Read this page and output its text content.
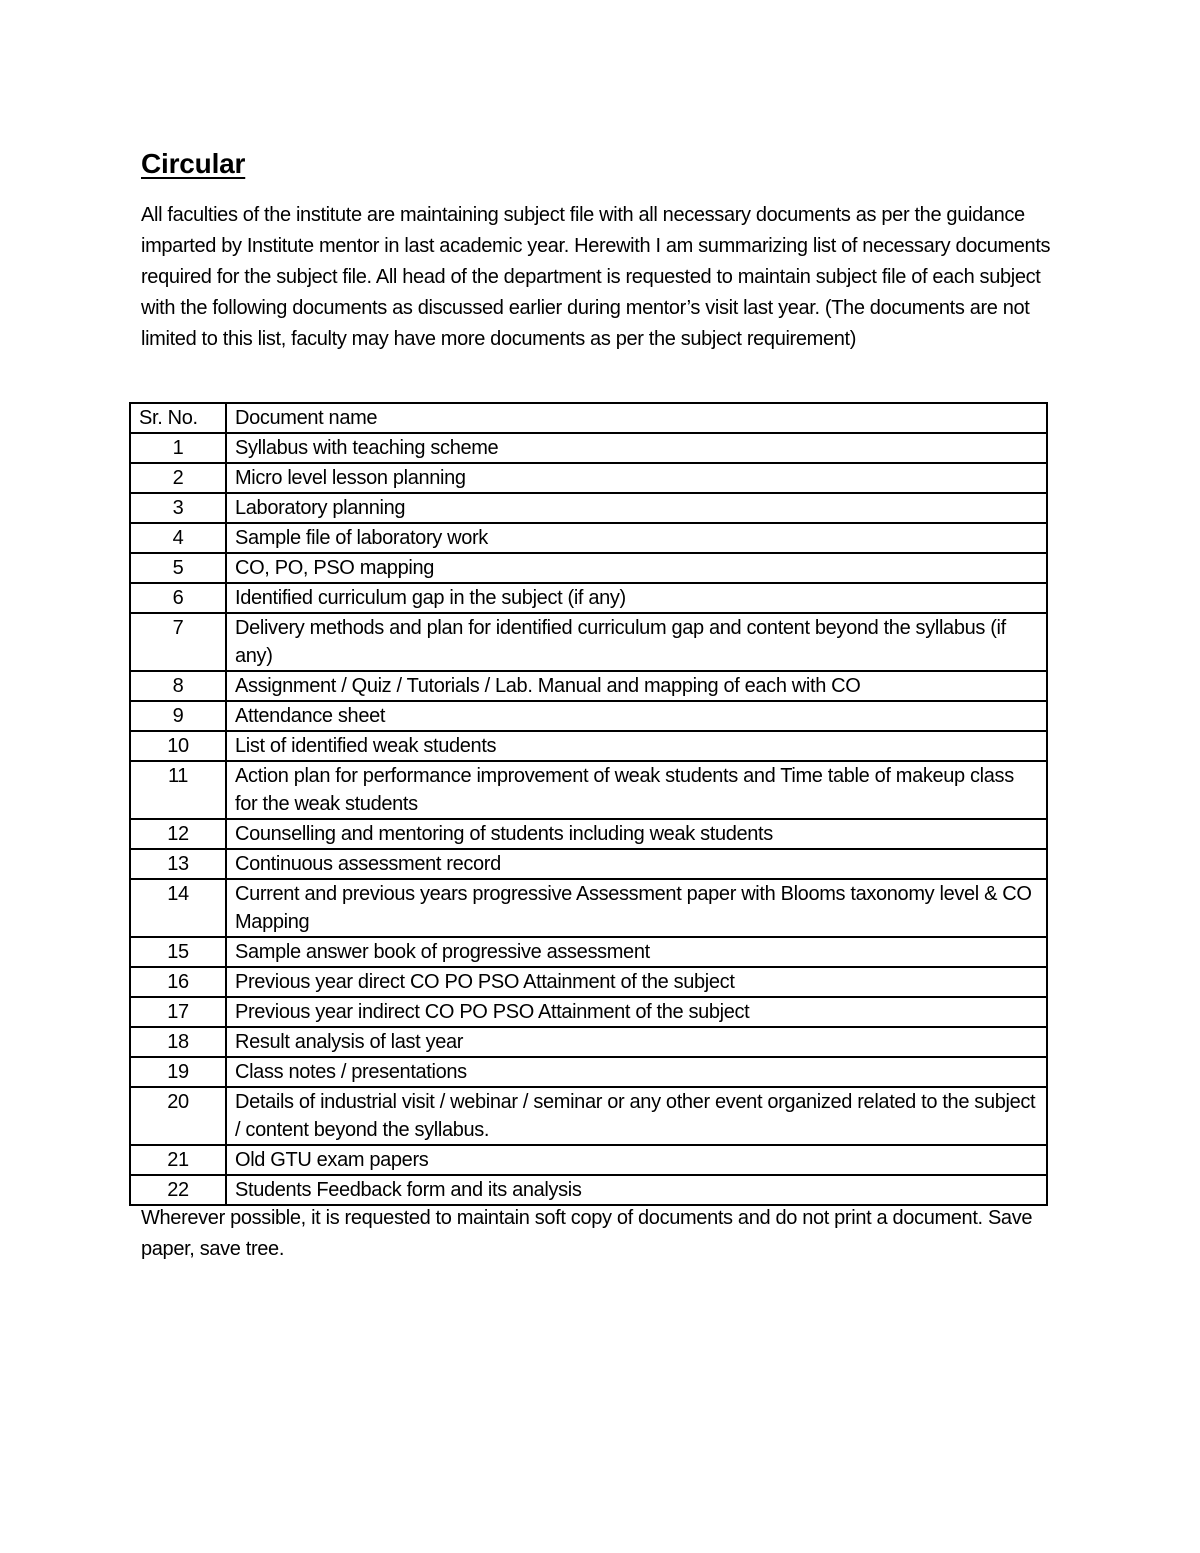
Circular

All faculties of the institute are maintaining subject file with all necessary documents as per the guidance imparted by Institute mentor in last academic year. Herewith I am summarizing list of necessary documents required for the subject file. All head of the department is requested to maintain subject file of each subject with the following documents as discussed earlier during mentor’s visit last year. (The documents are not limited to this list, faculty may have more documents as per the subject requirement)

Sr. No.	Document name
1	Syllabus with teaching scheme
2	Micro level lesson planning
3	Laboratory planning
4	Sample file of laboratory work
5	CO, PO, PSO mapping
6	Identified curriculum gap in the subject (if any)
7	Delivery methods and plan for identified curriculum gap and content beyond the syllabus (if any)
8	Assignment / Quiz / Tutorials / Lab. Manual and mapping of each with CO
9	Attendance sheet
10	List of identified weak students
11	Action plan for performance improvement of weak students and Time table of makeup class for the weak students
12	Counselling and mentoring of students including weak students
13	Continuous assessment record
14	Current and previous years progressive Assessment paper with Blooms taxonomy level & CO Mapping
15	Sample answer book of progressive assessment
16	Previous year direct CO PO PSO Attainment of the subject
17	Previous year indirect CO PO PSO Attainment of the subject
18	Result analysis of last year
19	Class notes / presentations
20	Details of industrial visit / webinar / seminar or any other event organized related to the subject / content beyond the syllabus.
21	Old GTU exam papers
22	Students Feedback form and its analysis

Wherever possible, it is requested to maintain soft copy of documents and do not print a document. Save paper, save tree.
